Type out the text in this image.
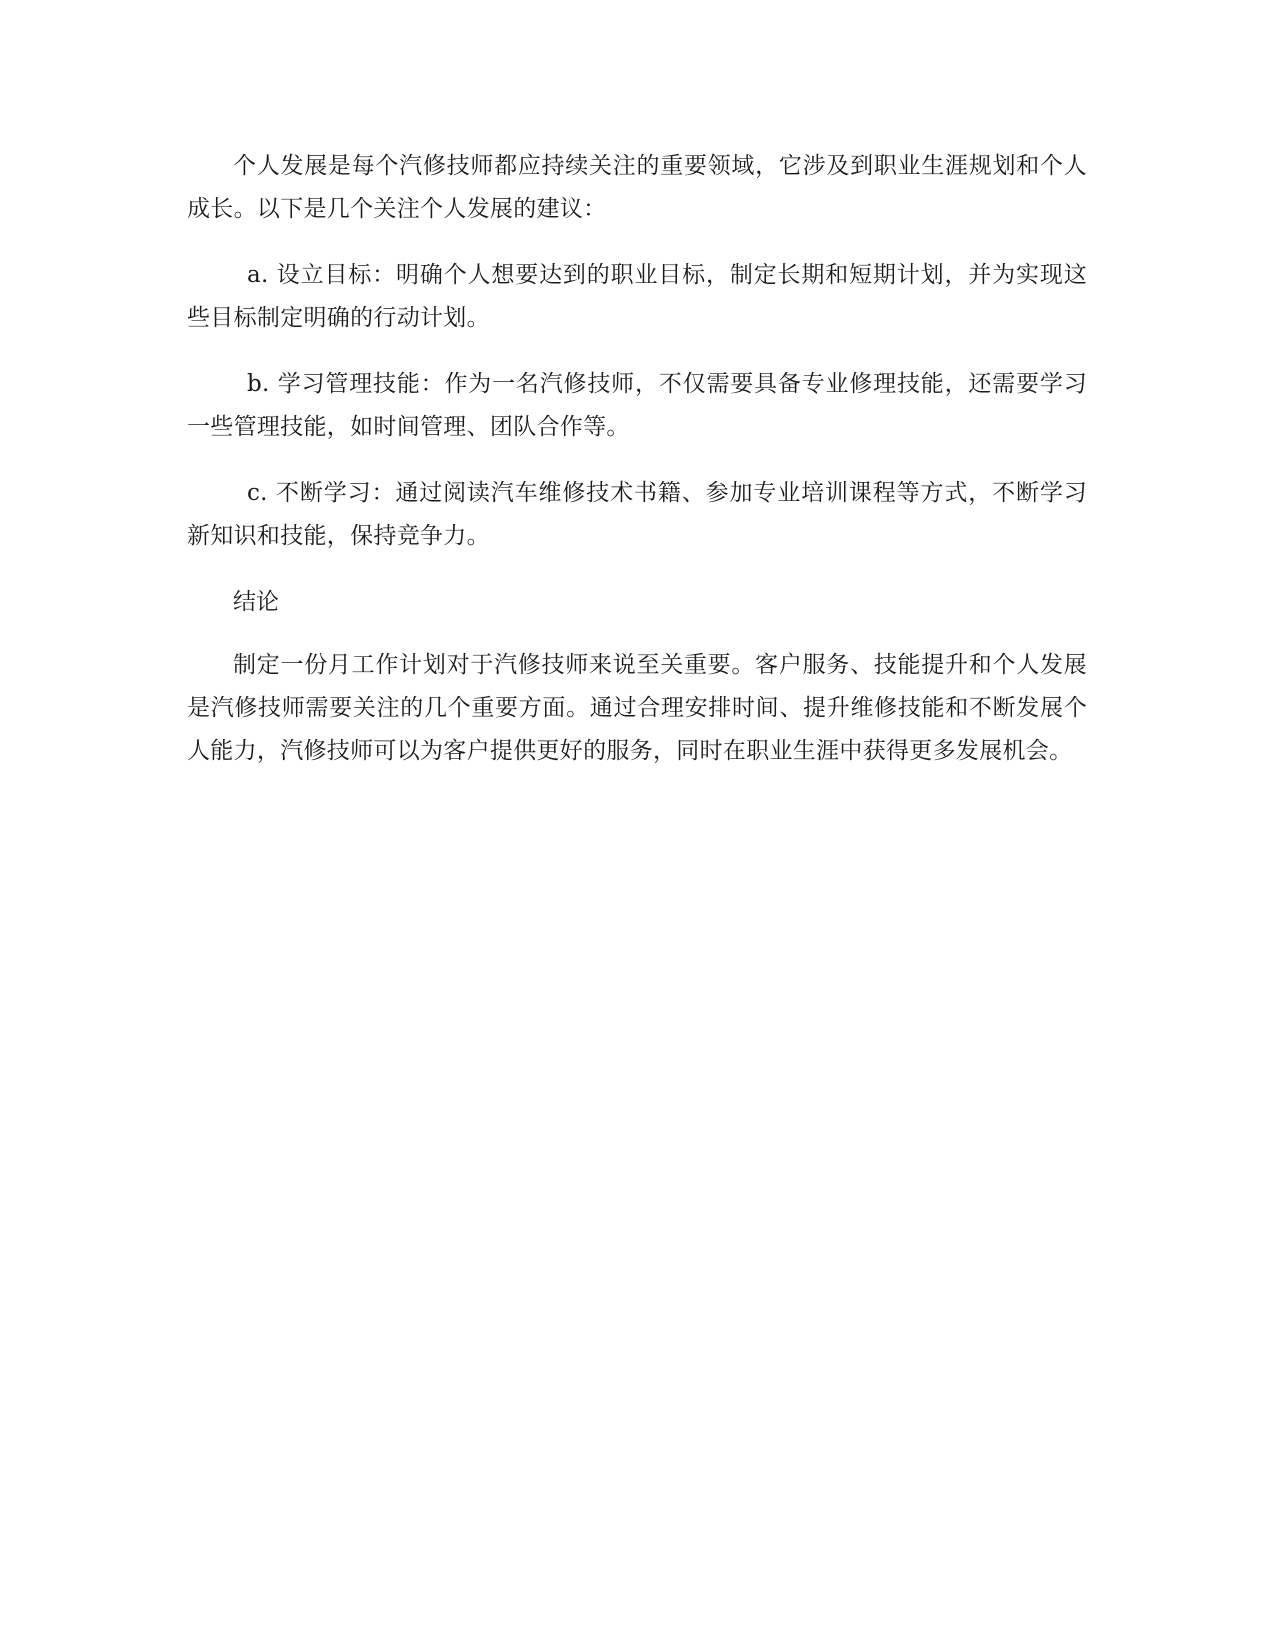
个人发展是每个汽修技师都应持续关注的重要领域，它涉及到职业生涯规划和个人成长。以下是几个关注个人发展的建议：

a. 设立目标：明确个人想要达到的职业目标，制定长期和短期计划，并为实现这些目标制定明确的行动计划。

b. 学习管理技能：作为一名汽修技师，不仅需要具备专业修理技能，还需要学习一些管理技能，如时间管理、团队合作等。

c. 不断学习：通过阅读汽车维修技术书籍、参加专业培训课程等方式，不断学习新知识和技能，保持竞争力。

结论

制定一份月工作计划对于汽修技师来说至关重要。客户服务、技能提升和个人发展是汽修技师需要关注的几个重要方面。通过合理安排时间、提升维修技能和不断发展个人能力，汽修技师可以为客户提供更好的服务，同时在职业生涯中获得更多发展机会。
